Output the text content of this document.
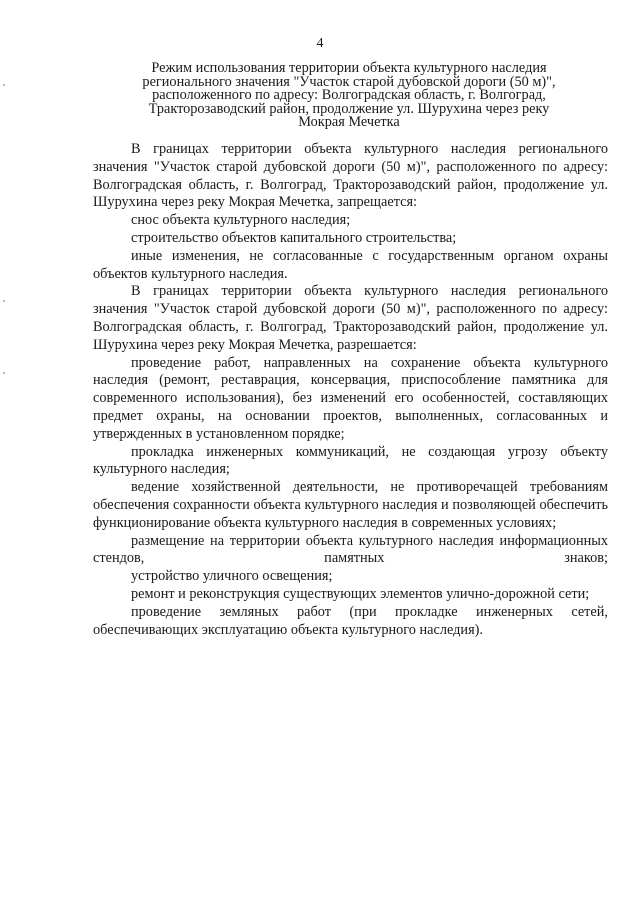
4
Режим использования территории объекта культурного наследия
регионального значения "Участок старой дубовской дороги (50 м)",
расположенного по адресу: Волгоградская область, г. Волгоград,
Тракторозаводский район, продолжение ул. Шурухина через реку
Мокрая Мечетка

В границах территории объекта культурного наследия регионального значения "Участок старой дубовской дороги (50 м)", расположенного по адресу: Волгоградская область, г. Волгоград, Тракторозаводский район, продолжение ул. Шурухина через реку Мокрая Мечетка, запрещается:

снос объекта культурного наследия;

строительство объектов капитального строительства;

иные изменения, не согласованные с государственным органом охраны объектов культурного наследия.

В границах территории объекта культурного наследия регионального значения "Участок старой дубовской дороги (50 м)", расположенного по адресу: Волгоградская область, г. Волгоград, Тракторозаводский район, продолжение ул. Шурухина через реку Мокрая Мечетка, разрешается:

проведение работ, направленных на сохранение объекта культурного наследия (ремонт, реставрация, консервация, приспособление памятника для современного использования), без изменений его особенностей, составляющих предмет охраны, на основании проектов, выполненных, согласованных и утвержденных в установленном порядке;

прокладка инженерных коммуникаций, не создающая угрозу объекту культурного наследия;

ведение хозяйственной деятельности, не противоречащей требованиям обеспечения сохранности объекта культурного наследия и позволяющей обеспечить функционирование объекта культурного наследия в современных условиях;

размещение на территории объекта культурного наследия информационных стендов, памятных знаков;

устройство уличного освещения;

ремонт и реконструкция существующих элементов улично-дорожной сети;

проведение земляных работ (при прокладке инженерных сетей, обеспечивающих эксплуатацию объекта культурного наследия).
